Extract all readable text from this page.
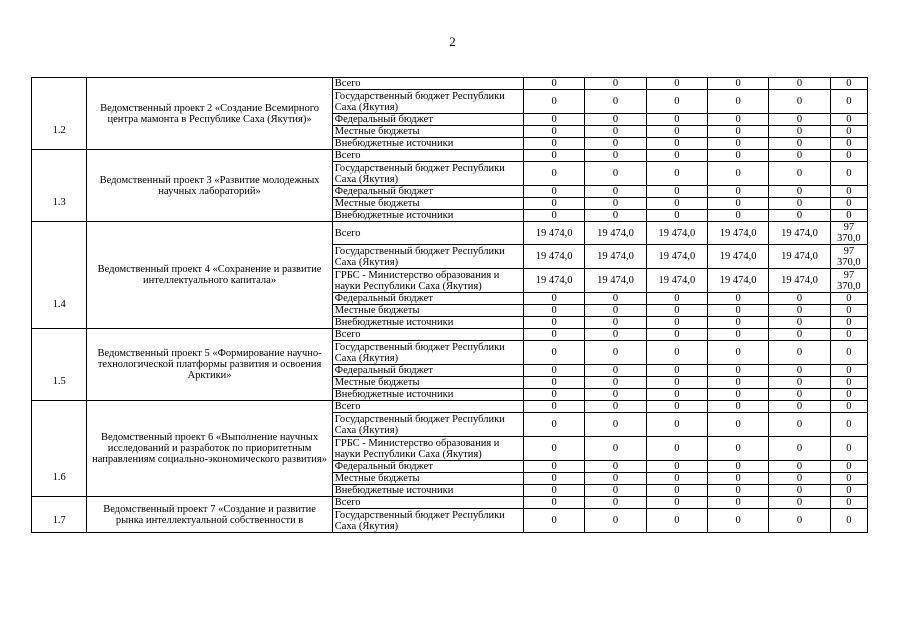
2
1.2	Ведомственный проект 2 «Создание Всемирного центра мамонта в Республике Саха (Якутия)»	Всего	0	0	0	0	0	0
		Государственный бюджет Республики Саха (Якутия)	0	0	0	0	0	0
		Федеральный бюджет	0	0	0	0	0	0
		Местные бюджеты	0	0	0	0	0	0
		Внебюджетные источники	0	0	0	0	0	0
1.3	Ведомственный проект 3 «Развитие молодежных научных лабораторий»	Всего	0	0	0	0	0	0
		Государственный бюджет Республики Саха (Якутия)	0	0	0	0	0	0
		Федеральный бюджет	0	0	0	0	0	0
		Местные бюджеты	0	0	0	0	0	0
		Внебюджетные источники	0	0	0	0	0	0
1.4	Ведомственный проект 4 «Сохранение и развитие интеллектуального капитала»	Всего	19 474,0	19 474,0	19 474,0	19 474,0	19 474,0	97 370,0
		Государственный бюджет Республики Саха (Якутия)	19 474,0	19 474,0	19 474,0	19 474,0	19 474,0	97 370,0
		ГРБС - Министерство образования и науки Республики Саха (Якутия)	19 474,0	19 474,0	19 474,0	19 474,0	19 474,0	97 370,0
		Федеральный бюджет	0	0	0	0	0	0
		Местные бюджеты	0	0	0	0	0	0
		Внебюджетные источники	0	0	0	0	0	0
1.5	Ведомственный проект 5 «Формирование научно-технологической платформы развития и освоения Арктики»	Всего	0	0	0	0	0	0
		Государственный бюджет Республики Саха (Якутия)	0	0	0	0	0	0
		Федеральный бюджет	0	0	0	0	0	0
		Местные бюджеты	0	0	0	0	0	0
		Внебюджетные источники	0	0	0	0	0	0
1.6	Ведомственный проект 6 «Выполнение научных исследований и разработок по приоритетным направлениям социально-экономического развития»	Всего	0	0	0	0	0	0
		Государственный бюджет Республики Саха (Якутия)	0	0	0	0	0	0
		ГРБС - Министерство образования и науки Республики Саха (Якутия)	0	0	0	0	0	0
		Федеральный бюджет	0	0	0	0	0	0
		Местные бюджеты	0	0	0	0	0	0
		Внебюджетные источники	0	0	0	0	0	0
1.7	Ведомственный проект 7 «Создание и развитие рынка интеллектуальной собственности в	Всего	0	0	0	0	0	0
		Государственный бюджет Республики Саха (Якутия)	0	0	0	0	0	0
